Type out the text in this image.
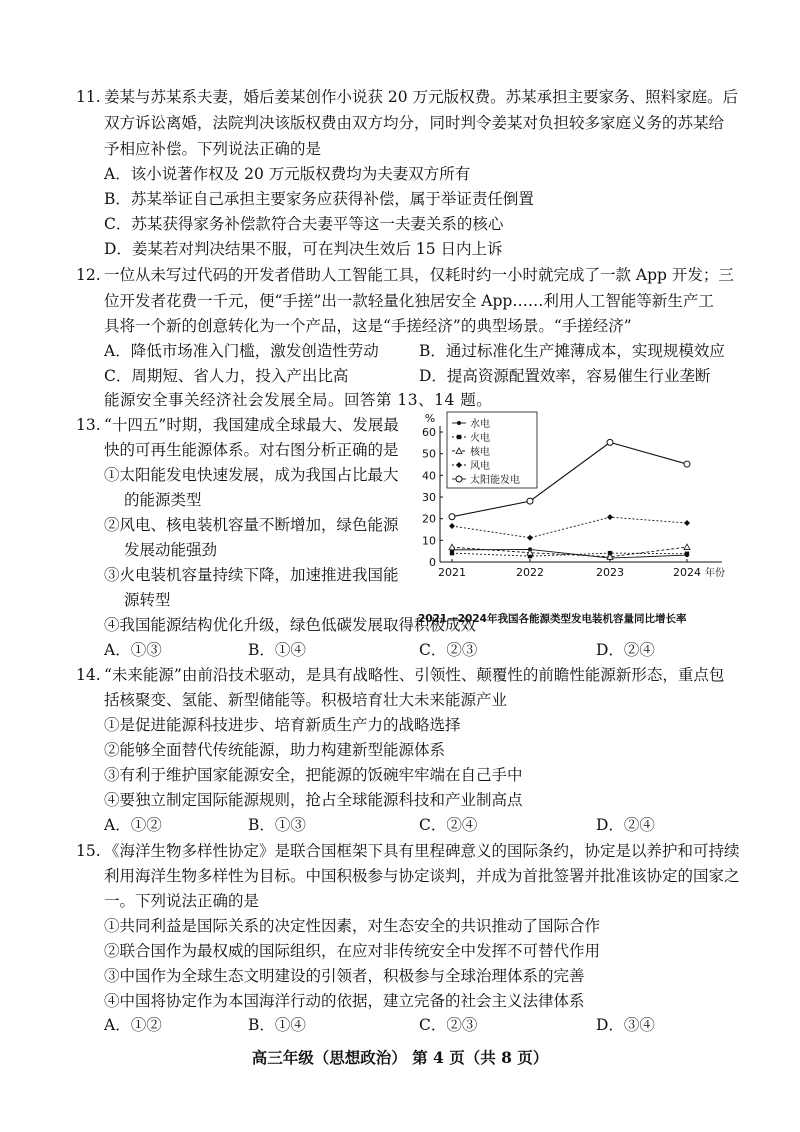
11. 姜某与苏某系夫妻，婚后姜某创作小说获 20 万元版权费。苏某承担主要家务、照料家庭。后
双方诉讼离婚，法院判决该版权费由双方均分，同时判令姜某对负担较多家庭义务的苏某给
予相应补偿。下列说法正确的是
A．该小说著作权及 20 万元版权费均为夫妻双方所有
B．苏某举证自己承担主要家务应获得补偿，属于举证责任倒置
C．苏某获得家务补偿款符合夫妻平等这一夫妻关系的核心
D．姜某若对判决结果不服，可在判决生效后 15 日内上诉
12. 一位从未写过代码的开发者借助人工智能工具，仅耗时约一小时就完成了一款 App 开发；三
位开发者花费一千元，便“手搓”出一款轻量化独居安全 App……利用人工智能等新生产工
具将一个新的创意转化为一个产品，这是“手搓经济”的典型场景。“手搓经济”
A．降低市场准入门槛，激发创造性劳动	B．通过标准化生产摊薄成本，实现规模效应
C．周期短、省人力，投入产出比高	D．提高资源配置效率，容易催生行业垄断
能源安全事关经济社会发展全局。回答第 13、14 题。
13. “十四五”时期，我国建成全球最大、发展最
快的可再生能源体系。对右图分析正确的是
①太阳能发电快速发展，成为我国占比最大
的能源类型
②风电、核电装机容量不断增加，绿色能源
发展动能强劲
③火电装机容量持续下降，加速推进我国能
源转型
④我国能源结构优化升级，绿色低碳发展取得积极成效
A．①③	B．①④	C．②③	D．②④
0
10
20
30
40
50
60
%
2021	2022	2023	2024 年份
水电
火电
核电
风电
太阳能发电
2021—2024年我国各能源类型发电装机容量同比增长率
14. “未来能源”由前沿技术驱动，是具有战略性、引领性、颠覆性的前瞻性能源新形态，重点包
括核聚变、氢能、新型储能等。积极培育壮大未来能源产业
①是促进能源科技进步、培育新质生产力的战略选择
②能够全面替代传统能源，助力构建新型能源体系
③有利于维护国家能源安全，把能源的饭碗牢牢端在自己手中
④要独立制定国际能源规则，抢占全球能源科技和产业制高点
A．①②	B．①③	C．②④	D．②④
15. 《海洋生物多样性协定》是联合国框架下具有里程碑意义的国际条约，协定是以养护和可持续
利用海洋生物多样性为目标。中国积极参与协定谈判，并成为首批签署并批准该协定的国家之
一。下列说法正确的是
①共同利益是国际关系的决定性因素，对生态安全的共识推动了国际合作
②联合国作为最权威的国际组织，在应对非传统安全中发挥不可替代作用
③中国作为全球生态文明建设的引领者，积极参与全球治理体系的完善
④中国将协定作为本国海洋行动的依据，建立完备的社会主义法律体系
A．①②	B．①④	C．②③	D．③④
高三年级（思想政治） 第 4 页（共 8 页）
